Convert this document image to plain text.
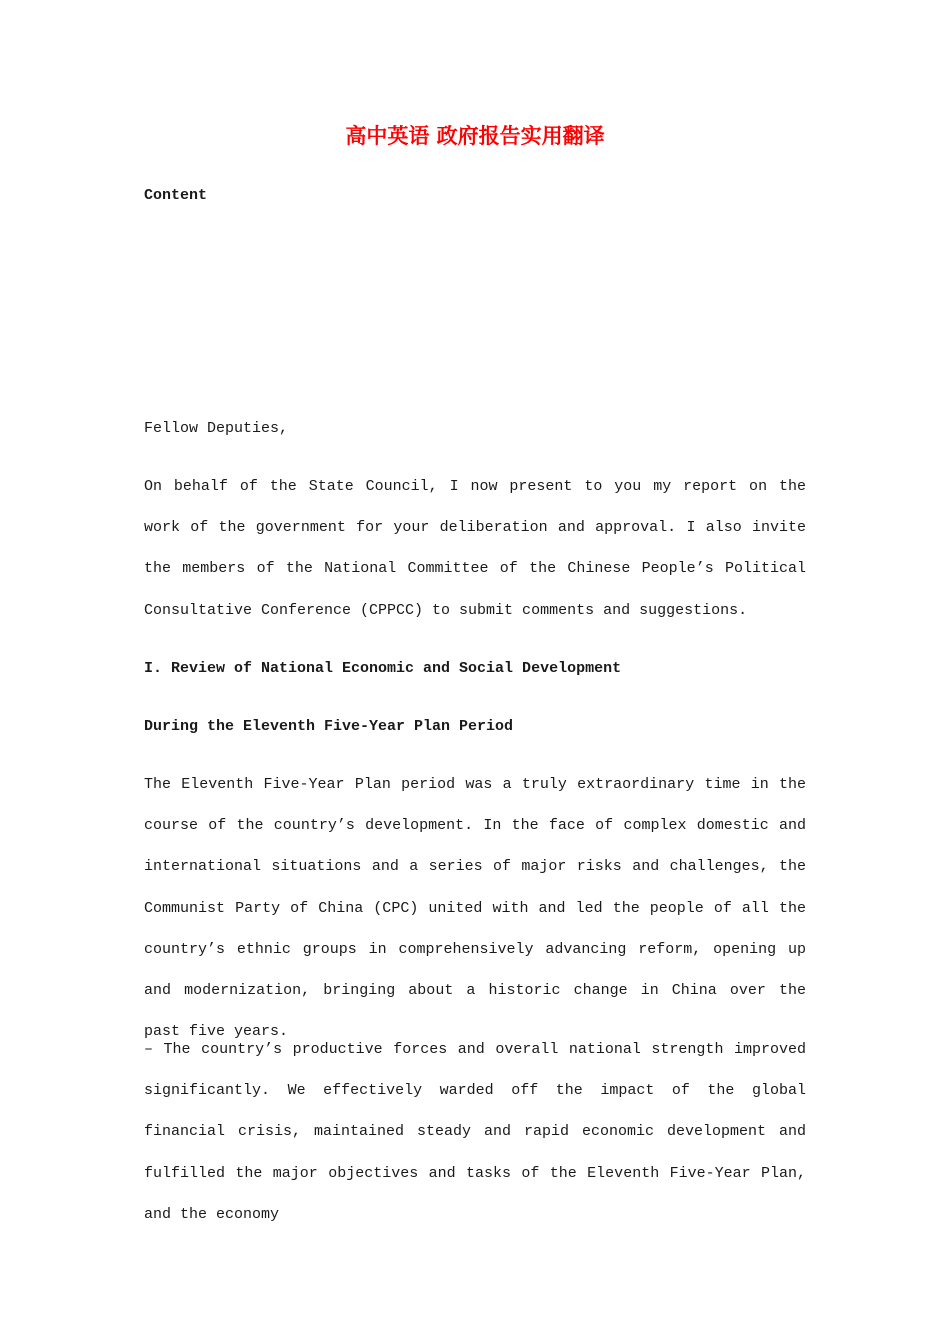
高中英语 政府报告实用翻译

Content

Fellow Deputies,

On behalf of the State Council, I now present to you my report on the work of the government for your deliberation and approval. I also invite the members of the National Committee of the Chinese People’s Political Consultative Conference (CPPCC) to submit comments and suggestions.

I. Review of National Economic and Social Development

During the Eleventh Five-Year Plan Period

The Eleventh Five-Year Plan period was a truly extraordinary time in the course of the country’s development. In the face of complex domestic and international situations and a series of major risks and challenges, the Communist Party of China (CPC) united with and led the people of all the country’s ethnic groups in comprehensively advancing reform, opening up and modernization, bringing about a historic change in China over the past five years.

– The country’s productive forces and overall national strength improved significantly. We effectively warded off the impact of the global financial crisis, maintained steady and rapid economic development and fulfilled the major objectives and tasks of the Eleventh Five-Year Plan, and the economy
